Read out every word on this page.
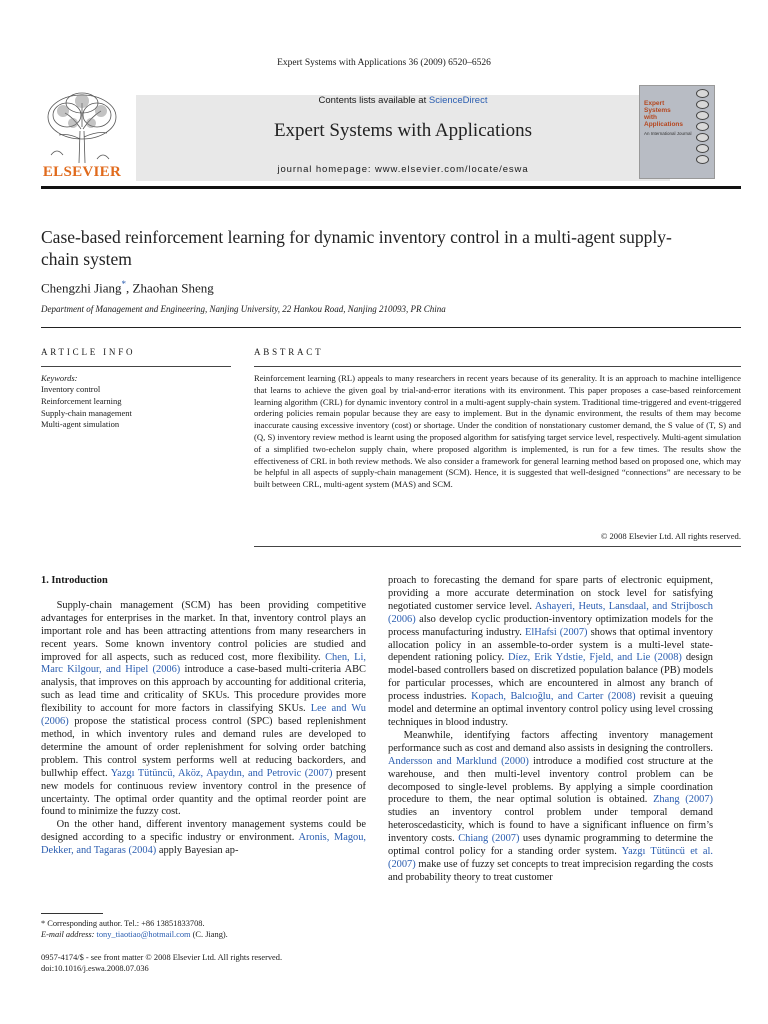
Expert Systems with Applications 36 (2009) 6520–6526
ELSEVIER
Contents lists available at ScienceDirect
Expert Systems with Applications
journal homepage: www.elsevier.com/locate/eswa
Expert
Systems
with
Applications
An International Journal
Case-based reinforcement learning for dynamic inventory control in a multi-agent supply-chain system
Chengzhi Jiang*, Zhaohan Sheng
Department of Management and Engineering, Nanjing University, 22 Hankou Road, Nanjing 210093, PR China
ARTICLE INFO
Keywords:
Inventory control
Reinforcement learning
Supply-chain management
Multi-agent simulation
ABSTRACT
Reinforcement learning (RL) appeals to many researchers in recent years because of its generality. It is an approach to machine intelligence that learns to achieve the given goal by trial-and-error iterations with its environment. This paper proposes a case-based reinforcement learning algorithm (CRL) for dynamic inventory control in a multi-agent supply-chain system. Traditional time-triggered and event-triggered ordering policies remain popular because they are easy to implement. But in the dynamic environment, the results of them may become inaccurate causing excessive inventory (cost) or shortage. Under the condition of nonstationary customer demand, the S value of (T, S) and (Q, S) inventory review method is learnt using the proposed algorithm for satisfying target service level, respectively. Multi-agent simulation of a simplified two-echelon supply chain, where proposed algorithm is implemented, is run for a few times. The results show the effectiveness of CRL in both review methods. We also consider a framework for general learning method based on proposed one, which may be helpful in all aspects of supply-chain management (SCM). Hence, it is suggested that well-designed “connections” are necessary to be built between CRL, multi-agent system (MAS) and SCM.
© 2008 Elsevier Ltd. All rights reserved.
1. Introduction

Supply-chain management (SCM) has been providing competitive advantages for enterprises in the market. In that, inventory control plays an important role and has been attracting attentions from many researchers in recent years. Some known inventory control policies are studied and improved for all aspects, such as reduced cost, more flexibility. Chen, Li, Marc Kilgour, and Hipel (2006) introduce a case-based multi-criteria ABC analysis, that improves on this approach by accounting for additional criteria, such as lead time and criticality of SKUs. This procedure provides more flexibility to account for more factors in classifying SKUs. Lee and Wu (2006) propose the statistical process control (SPC) based replenishment method, in which inventory rules and demand rules are developed to determine the amount of order replenishment for solving order batching problem. This control system performs well at reducing backorders, and bullwhip effect. Yazgı Tütüncü, Aköz, Apaydın, and Petrovic (2007) present new models for continuous review inventory control in the presence of uncertainty. The optimal order quantity and the optimal reorder point are found to minimize the fuzzy cost.

On the other hand, different inventory management systems could be designed according to a specific industry or environment. Aronis, Magou, Dekker, and Tagaras (2004) apply Bayesian ap-

proach to forecasting the demand for spare parts of electronic equipment, providing a more accurate determination on stock level for satisfying negotiated customer service level. Ashayeri, Heuts, Lansdaal, and Strijbosch (2006) also develop cyclic production-inventory optimization models for the process manufacturing industry. ElHafsi (2007) shows that optimal inventory allocation policy in an assemble-to-order system is a multi-level state-dependent rationing policy. Díez, Erik Ydstie, Fjeld, and Lie (2008) design model-based controllers based on discretized population balance (PB) models for particular processes, which are encountered in almost any branch of process industries. Kopach, Balcıoğlu, and Carter (2008) revisit a queuing model and determine an optimal inventory control policy using level crossing techniques in blood industry.

Meanwhile, identifying factors affecting inventory management performance such as cost and demand also assists in designing the controllers. Andersson and Marklund (2000) introduce a modified cost structure at the warehouse, and then multi-level inventory control problem can be decomposed to single-level problems. By applying a simple coordination procedure to them, the near optimal solution is obtained. Zhang (2007) studies an inventory control problem under temporal demand heteroscedasticity, which is found to have a significant influence on firm’s inventory costs. Chiang (2007) uses dynamic programming to determine the optimal control policy for a standing order system. Yazgı Tütüncü et al. (2007) make use of fuzzy set concepts to treat imprecision regarding the costs and probability theory to treat customer

* Corresponding author. Tel.: +86 13851833708.
E-mail address: tony_tiaotiao@hotmail.com (C. Jiang).
0957-4174/$ - see front matter © 2008 Elsevier Ltd. All rights reserved.
doi:10.1016/j.eswa.2008.07.036
